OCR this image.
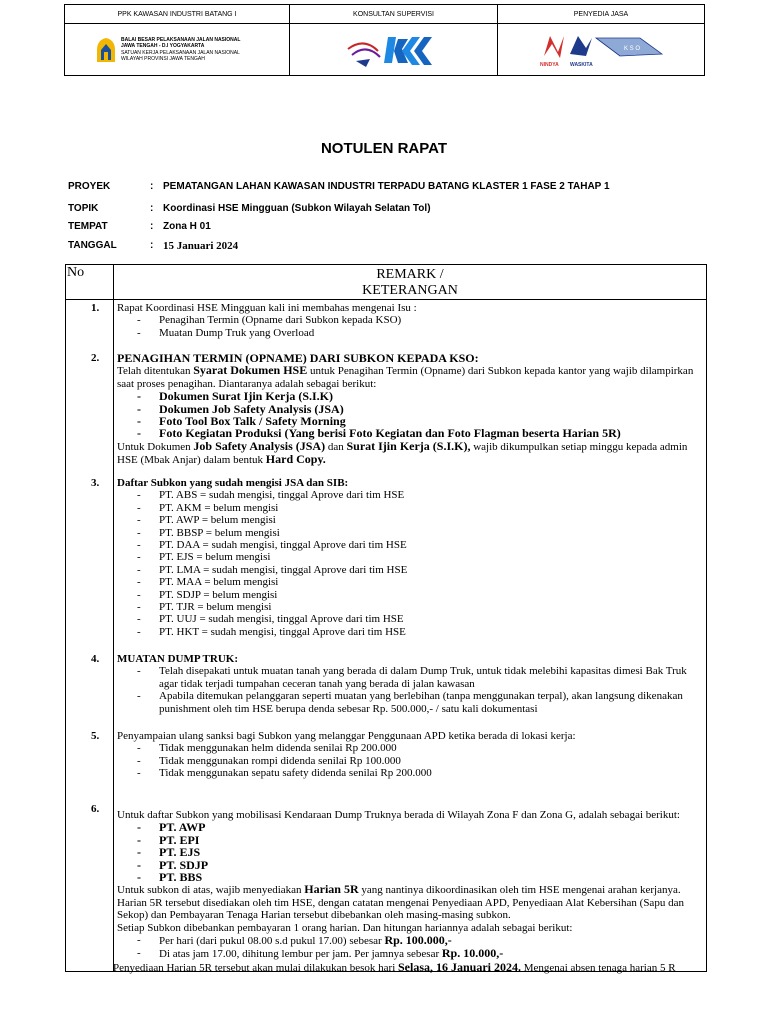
PPK KAWASAN INDUSTRI BATANG I
BALAI BESAR PELAKSANAAN JALAN NASIONAL
JAWA TENGAH - D.I YOGYAKARTA
SATUAN KERJA PELAKSANAAN JALAN NASIONAL
WILAYAH PROVINSI JAWA TENGAH
KONSULTAN SUPERVISI	PENYEDIA JASA
K S O
NINDYA WASKITA
NOTULEN RAPAT
PROYEK	: PEMATANGAN LAHAN KAWASAN INDUSTRI TERPADU BATANG KLASTER 1 FASE 2 TAHAP 1
TOPIK	: Koordinasi HSE Mingguan (Subkon Wilayah Selatan Tol)
TEMPAT	: Zona H 01
TANGGAL	: 15 Januari 2024
No	REMARK /
KETERANGAN
1. Rapat Koordinasi HSE Mingguan kali ini membahas mengenai Isu :
- Penagihan Termin (Opname dari Subkon kepada KSO)
- Muatan Dump Truk yang Overload
2. PENAGIHAN TERMIN (OPNAME) DARI SUBKON KEPADA KSO:
Telah ditentukan Syarat Dokumen HSE untuk Penagihan Termin (Opname) dari Subkon kepada kantor yang wajib dilampirkan saat proses penagihan. Diantaranya adalah sebagai berikut:
- Dokumen Surat Ijin Kerja (S.I.K)
- Dokumen Job Safety Analysis (JSA)
- Foto Tool Box Talk / Safety Morning
- Foto Kegiatan Produksi (Yang berisi Foto Kegiatan dan Foto Flagman beserta Harian 5R)
Untuk Dokumen Job Safety Analysis (JSA) dan Surat Ijin Kerja (S.I.K), wajib dikumpulkan setiap minggu kepada admin HSE (Mbak Anjar) dalam bentuk Hard Copy.
3. Daftar Subkon yang sudah mengisi JSA dan SIB:
- PT. ABS = sudah mengisi, tinggal Aprove dari tim HSE
- PT. AKM = belum mengisi
- PT. AWP = belum mengisi
- PT. BBSP = belum mengisi
- PT. DAA = sudah mengisi, tinggal Aprove dari tim HSE
- PT. EJS = belum mengisi
- PT. LMA = sudah mengisi, tinggal Aprove dari tim HSE
- PT. MAA = belum mengisi
- PT. SDJP = belum mengisi
- PT. TJR = belum mengisi
- PT. UUJ = sudah mengisi, tinggal Aprove dari tim HSE
- PT. HKT = sudah mengisi, tinggal Aprove dari tim HSE
4. MUATAN DUMP TRUK:
- Telah disepakati untuk muatan tanah yang berada di dalam Dump Truk, untuk tidak melebihi kapasitas dimesi Bak Truk agar tidak terjadi tumpahan ceceran tanah yang berada di jalan kawasan
- Apabila ditemukan pelanggaran seperti muatan yang berlebihan (tanpa menggunakan terpal), akan langsung dikenakan punishment oleh tim HSE berupa denda sebesar Rp. 500.000,- / satu kali dokumentasi
5. Penyampaian ulang sanksi bagi Subkon yang melanggar Penggunaan APD ketika berada di lokasi kerja:
- Tidak menggunakan helm didenda senilai Rp 200.000
- Tidak menggunakan rompi didenda senilai Rp 100.000
- Tidak menggunakan sepatu safety didenda senilai Rp 200.000
6. Untuk daftar Subkon yang mobilisasi Kendaraan Dump Truknya berada di Wilayah Zona F dan Zona G, adalah sebagai berikut:
- PT. AWP
- PT. EPI
- PT. EJS
- PT. SDJP
- PT. BBS
Untuk subkon di atas, wajib menyediakan Harian 5R yang nantinya dikoordinasikan oleh tim HSE mengenai arahan kerjanya.
Harian 5R tersebut disediakan oleh tim HSE, dengan catatan mengenai Penyediaan APD, Penyediaan Alat Kebersihan (Sapu dan Sekop) dan Pembayaran Tenaga Harian tersebut dibebankan oleh masing-masing subkon.
Setiap Subkon dibebankan pembayaran 1 orang harian. Dan hitungan hariannya adalah sebagai berikut:
- Per hari (dari pukul 08.00 s.d pukul 17.00) sebesar Rp. 100.000,-
- Di atas jam 17.00, dihitung lembur per jam. Per jamnya sebesar Rp. 10.000,-
Penyediaan Harian 5R tersebut akan mulai dilakukan besok hari Selasa, 16 Januari 2024. Mengenai absen tenaga harian 5 R
